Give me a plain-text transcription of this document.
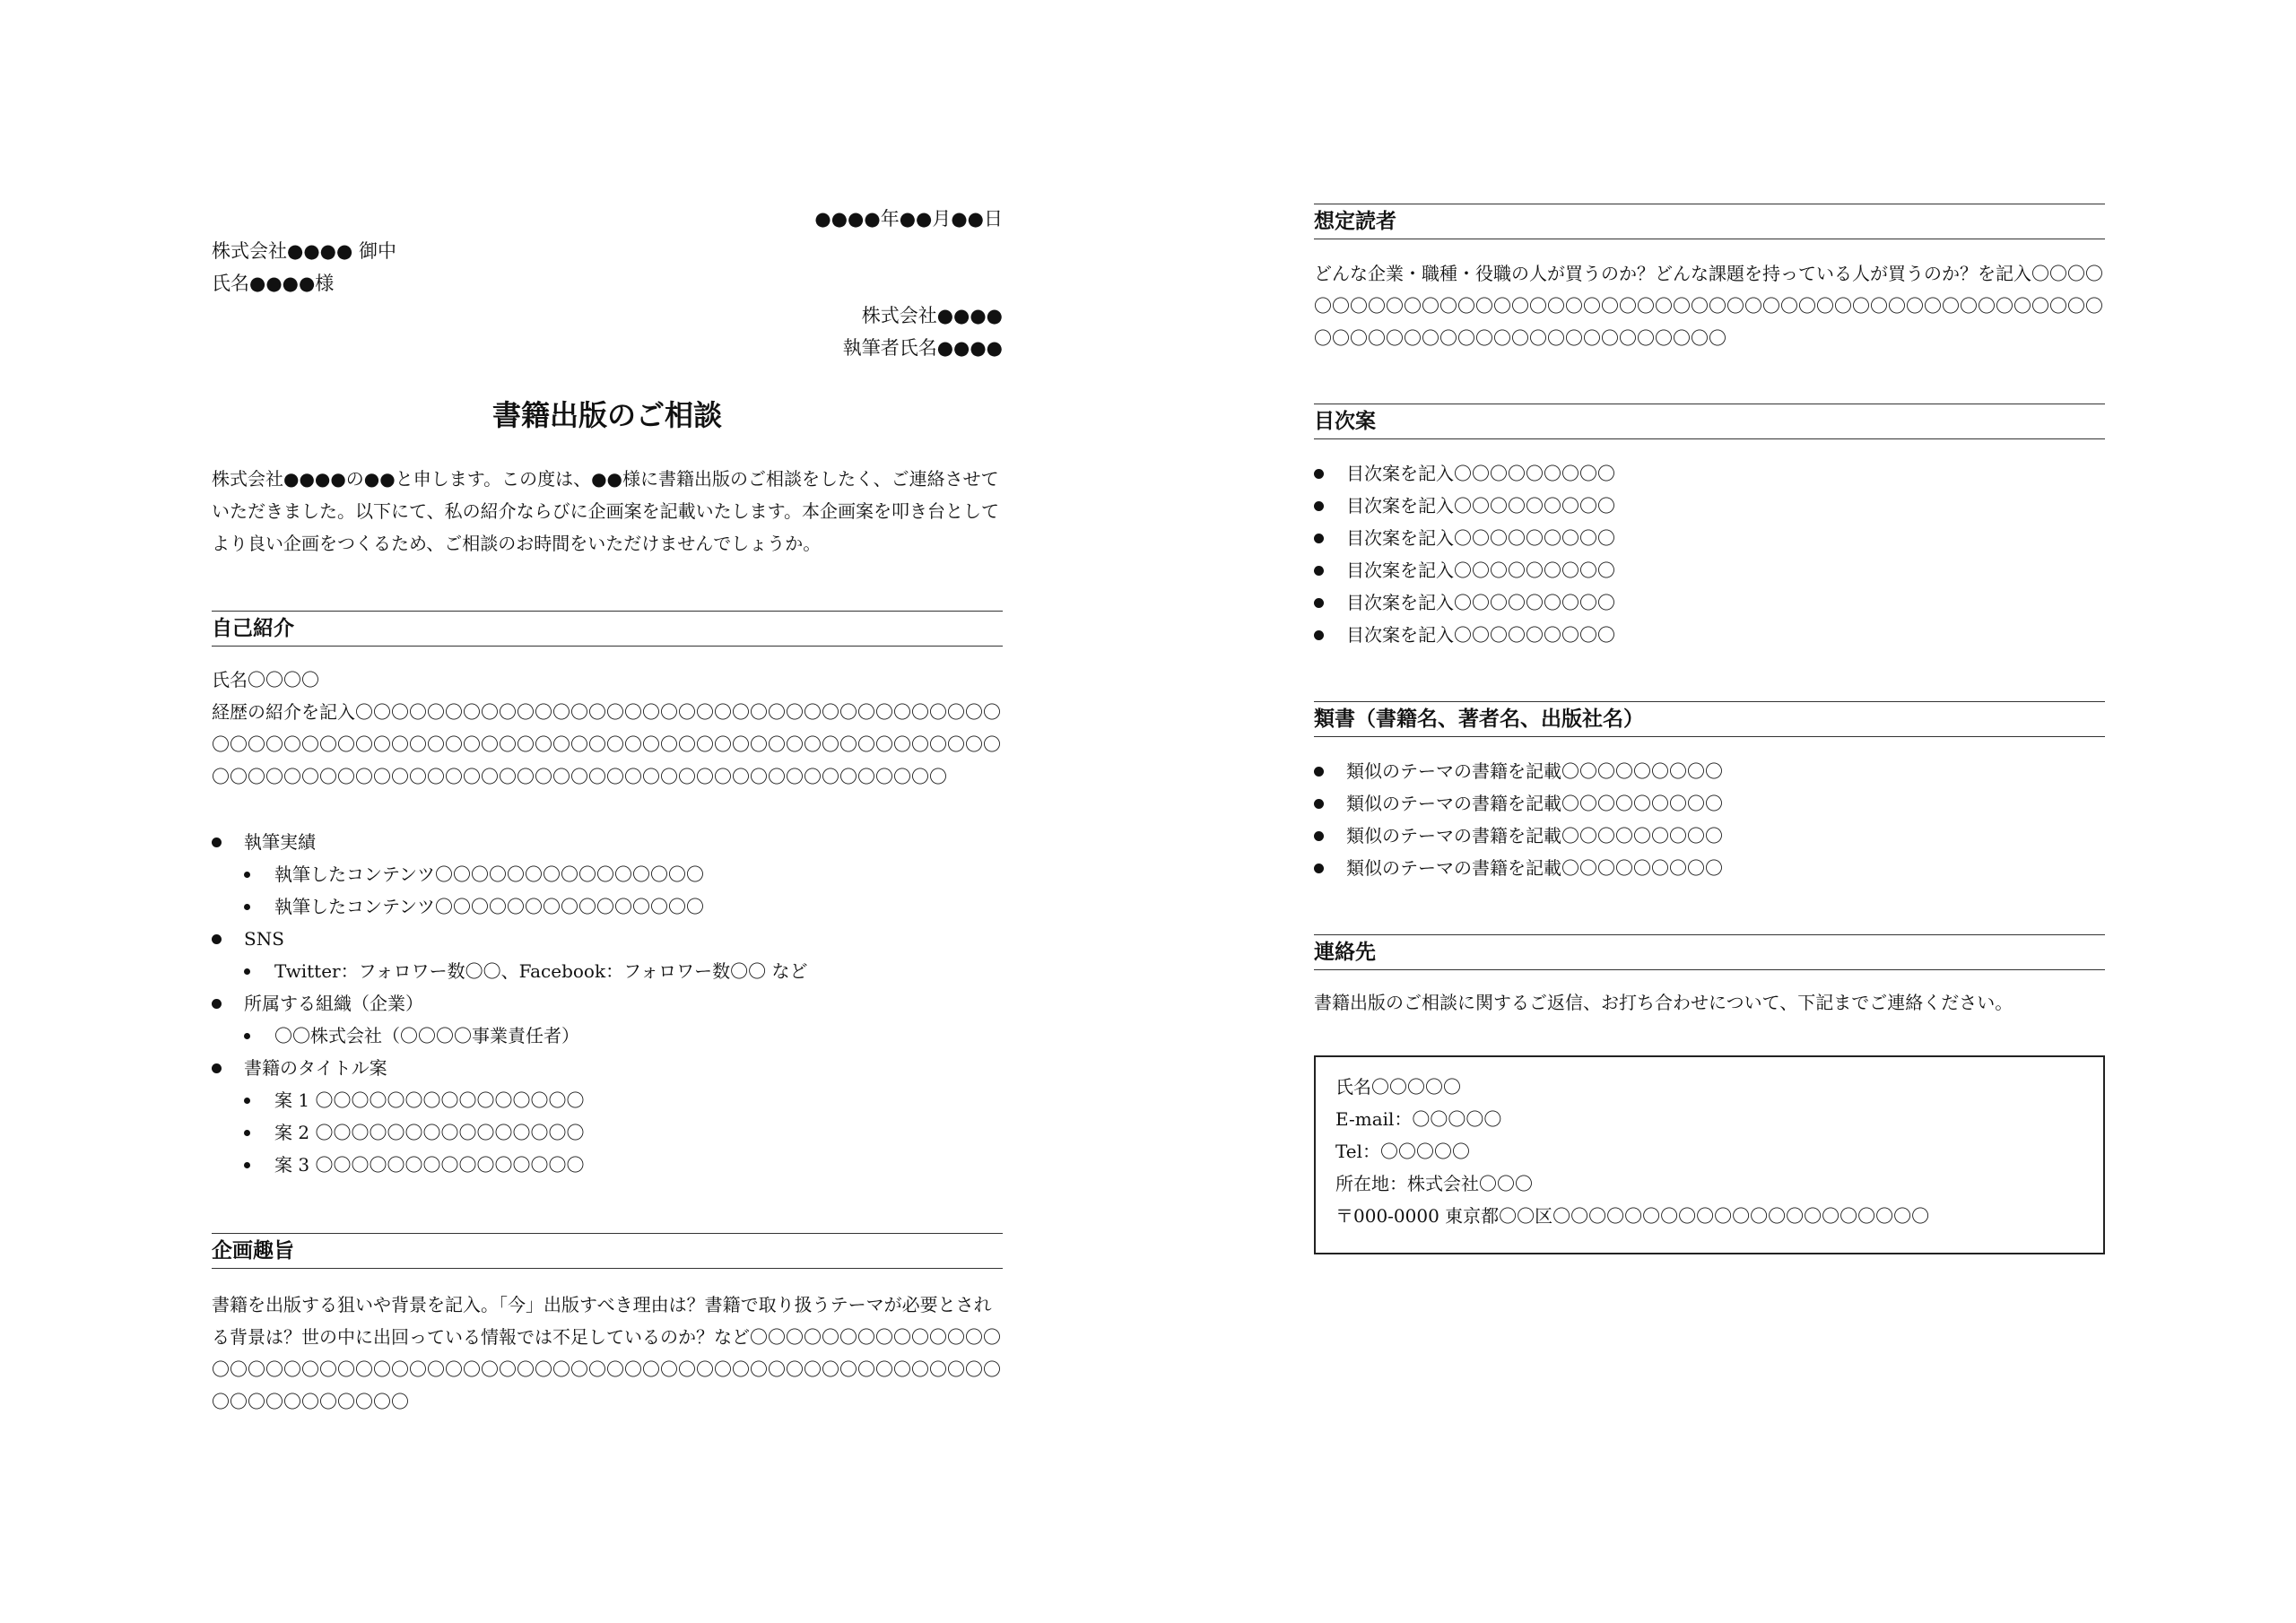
●●●●年●●月●●日
株式会社●●●● 御中
氏名●●●●様
株式会社●●●●
執筆者氏名●●●●
書籍出版のご相談
株式会社●●●●の●●と申します。この度は、●●様に書籍出版のご相談をしたく、ご連絡させていただきました。以下にて、私の紹介ならびに企画案を記載いたします。本企画案を叩き台としてより良い企画をつくるため、ご相談のお時間をいただけませんでしょうか。
自己紹介
氏名〇〇〇〇
経歴の紹介を記入〇〇〇〇〇〇〇〇〇〇〇〇〇〇〇〇〇〇〇〇〇〇〇〇〇〇〇〇〇〇〇〇〇〇〇〇〇〇〇〇〇〇〇〇〇〇〇〇〇〇〇〇〇〇〇〇〇〇〇〇〇〇〇〇〇〇〇〇〇〇〇〇〇〇〇〇〇〇〇〇〇〇〇〇〇〇〇〇〇〇〇〇〇〇〇〇〇〇〇〇〇〇〇〇〇〇〇〇〇〇〇〇〇〇〇〇〇〇〇〇〇
執筆実績
執筆したコンテンツ〇〇〇〇〇〇〇〇〇〇〇〇〇〇〇
執筆したコンテンツ〇〇〇〇〇〇〇〇〇〇〇〇〇〇〇
SNS
Twitter：フォロワー数〇〇、Facebook：フォロワー数〇〇 など
所属する組織（企業）
〇〇株式会社（〇〇〇〇事業責任者）
書籍のタイトル案
案 1 〇〇〇〇〇〇〇〇〇〇〇〇〇〇〇
案 2 〇〇〇〇〇〇〇〇〇〇〇〇〇〇〇
案 3 〇〇〇〇〇〇〇〇〇〇〇〇〇〇〇
企画趣旨
書籍を出版する狙いや背景を記入。「今」出版すべき理由は？書籍で取り扱うテーマが必要とされる背景は？世の中に出回っている情報では不足しているのか？など〇〇〇〇〇〇〇〇〇〇〇〇〇〇〇〇〇〇〇〇〇〇〇〇〇〇〇〇〇〇〇〇〇〇〇〇〇〇〇〇〇〇〇〇〇〇〇〇〇〇〇〇〇〇〇〇〇〇〇〇〇〇〇〇〇〇〇〇〇
想定読者
どんな企業・職種・役職の人が買うのか？どんな課題を持っている人が買うのか？を記入〇〇〇〇〇〇〇〇〇〇〇〇〇〇〇〇〇〇〇〇〇〇〇〇〇〇〇〇〇〇〇〇〇〇〇〇〇〇〇〇〇〇〇〇〇〇〇〇〇〇〇〇〇〇〇〇〇〇〇〇〇〇〇〇〇〇〇〇〇〇〇
目次案
目次案を記入〇〇〇〇〇〇〇〇〇
目次案を記入〇〇〇〇〇〇〇〇〇
目次案を記入〇〇〇〇〇〇〇〇〇
目次案を記入〇〇〇〇〇〇〇〇〇
目次案を記入〇〇〇〇〇〇〇〇〇
目次案を記入〇〇〇〇〇〇〇〇〇
類書（書籍名、著者名、出版社名）
類似のテーマの書籍を記載〇〇〇〇〇〇〇〇〇
類似のテーマの書籍を記載〇〇〇〇〇〇〇〇〇
類似のテーマの書籍を記載〇〇〇〇〇〇〇〇〇
類似のテーマの書籍を記載〇〇〇〇〇〇〇〇〇
連絡先
書籍出版のご相談に関するご返信、お打ち合わせについて、下記までご連絡ください。
氏名〇〇〇〇〇
E-mail：〇〇〇〇〇
Tel：〇〇〇〇〇
所在地：株式会社〇〇〇
〒000-0000 東京都〇〇区〇〇〇〇〇〇〇〇〇〇〇〇〇〇〇〇〇〇〇〇〇
